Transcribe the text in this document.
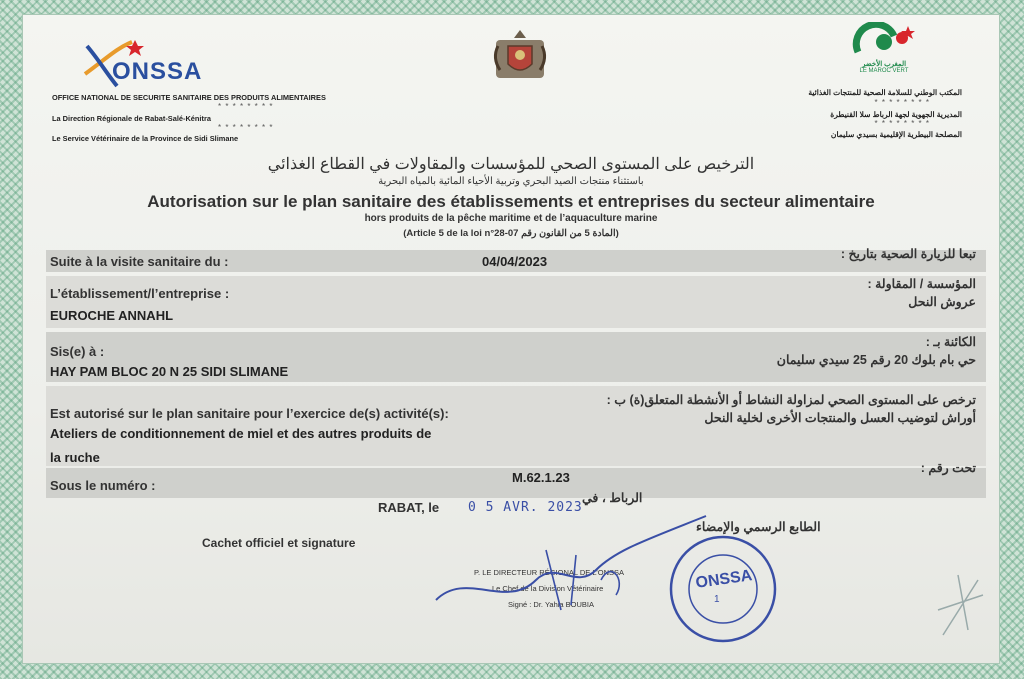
ONSSA
OFFICE NATIONAL DE SECURITE SANITAIRE DES PRODUITS ALIMENTAIRES
* * * * * * * *
La Direction Régionale de Rabat-Salé-Kénitra
* * * * * * * *
Le Service Vétérinaire de la Province de Sidi Slimane
المغرب الأخضر
LE MAROC VERT
المكتب الوطني للسلامة الصحية للمنتجات الغذائية
* * * * * * * *
المديرية الجهوية لجهة الرباط سلا القنيطرة
* * * * * * * *
المصلحة البيطرية الإقليمية بسيدي سليمان
الترخيص على المستوى الصحي للمؤسسات والمقاولات في القطاع الغذائي
باستثناء منتجات الصيد البحري وتربية الأحياء المائية بالمياه البحرية
Autorisation sur le plan sanitaire des établissements et entreprises du secteur alimentaire
hors produits de la pêche maritime et de l’aquaculture marine
(Article 5 de la loi n°28-07 المادة 5 من القانون رقم)
Suite à la visite sanitaire du :	04/04/2023	تبعا للزيارة الصحية بتاريخ :
L’établissement/l’entreprise :
EUROCHE ANNAHL
المؤسسة / المقاولة :
عروش النحل
Sis(e) à :
HAY PAM BLOC 20 N 25 SIDI SLIMANE
الكائنة بـ :
حي بام بلوك 20 رقم 25 سيدي سليمان
Est autorisé sur le plan sanitaire pour l’exercice de(s) activité(s):
Ateliers de conditionnement de miel et des autres produits de
la ruche
ترخص على المستوى الصحي لمزاولة النشاط أو الأنشطة المتعلق(ة) ب :
أوراش لتوضيب العسل والمنتجات الأخرى لخلية النحل
Sous le numéro :
M.62.1.23
تحت رقم :
RABAT, le 0 5 AVR. 2023
الرباط ، في
Cachet officiel et signature
الطابع الرسمي والإمضاء
P. LE DIRECTEUR RÉGIONAL DE L’ONSSA
Le Chef de la Division Vétérinaire
Signé : Dr. Yahia BOUBIA
ONSSA
1
